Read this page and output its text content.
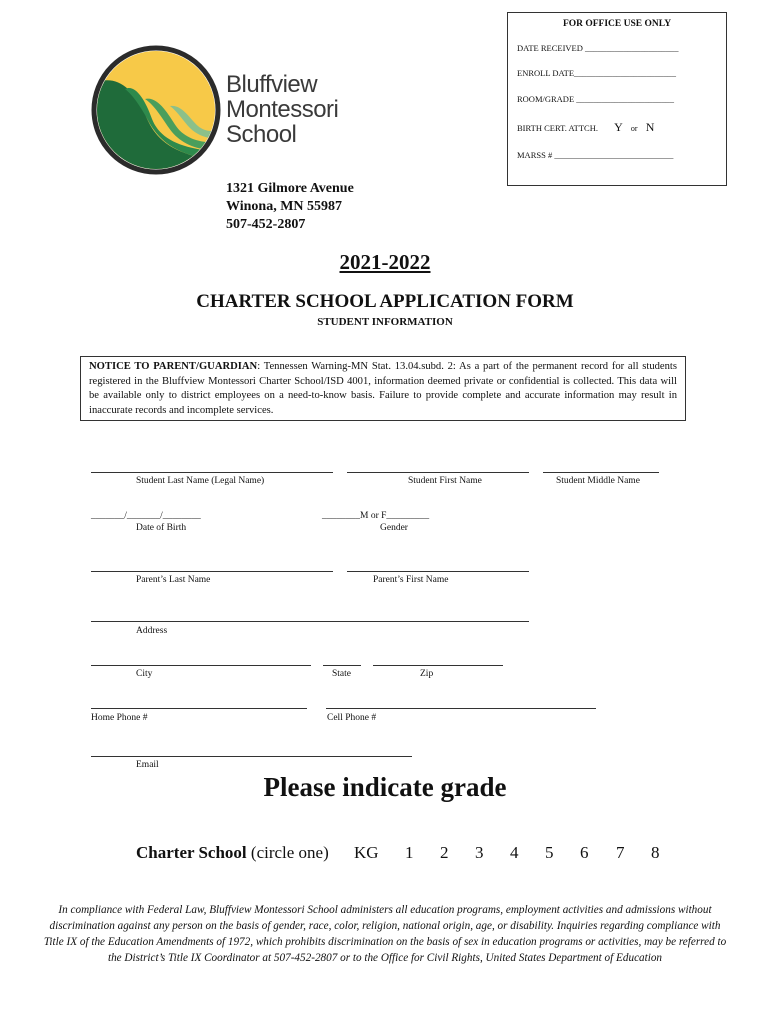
FOR OFFICE USE ONLY
DATE RECEIVED ______________________
ENROLL DATE________________________
ROOM/GRADE _______________________
BIRTH CERT. ATTCH. Y or N
MARSS # ____________________________
Bluffview
Montessori
School
1321 Gilmore Avenue
Winona, MN 55987
507-452-2807
2021-2022
CHARTER SCHOOL APPLICATION FORM
STUDENT INFORMATION
NOTICE TO PARENT/GUARDIAN: Tennessen Warning-MN Stat. 13.04.subd. 2: As a part of the permanent record for all students registered in the Bluffview Montessori Charter School/ISD 4001, information deemed private or confidential is collected. This data will be available only to district employees on a need-to-know basis. Failure to provide complete and accurate information may result in inaccurate records and incomplete services.
Student Last Name (Legal Name)	Student First Name	Student Middle Name
_______/_______/________
Date of Birth
________M or F_________
Gender
Parent’s Last Name	Parent’s First Name
Address
City	State	Zip
Home Phone #	Cell Phone #
Email
Please indicate grade
Charter School (circle one) KG 1 2 3 4 5 6 7 8
In compliance with Federal Law, Bluffview Montessori School administers all education programs, employment activities and admissions without discrimination against any person on the basis of gender, race, color, religion, national origin, age, or disability. Inquiries regarding compliance with Title IX of the Education Amendments of 1972, which prohibits discrimination on the basis of sex in education programs or activities, may be referred to the District’s Title IX Coordinator at 507-452-2807 or to the Office for Civil Rights, United States Department of Education
